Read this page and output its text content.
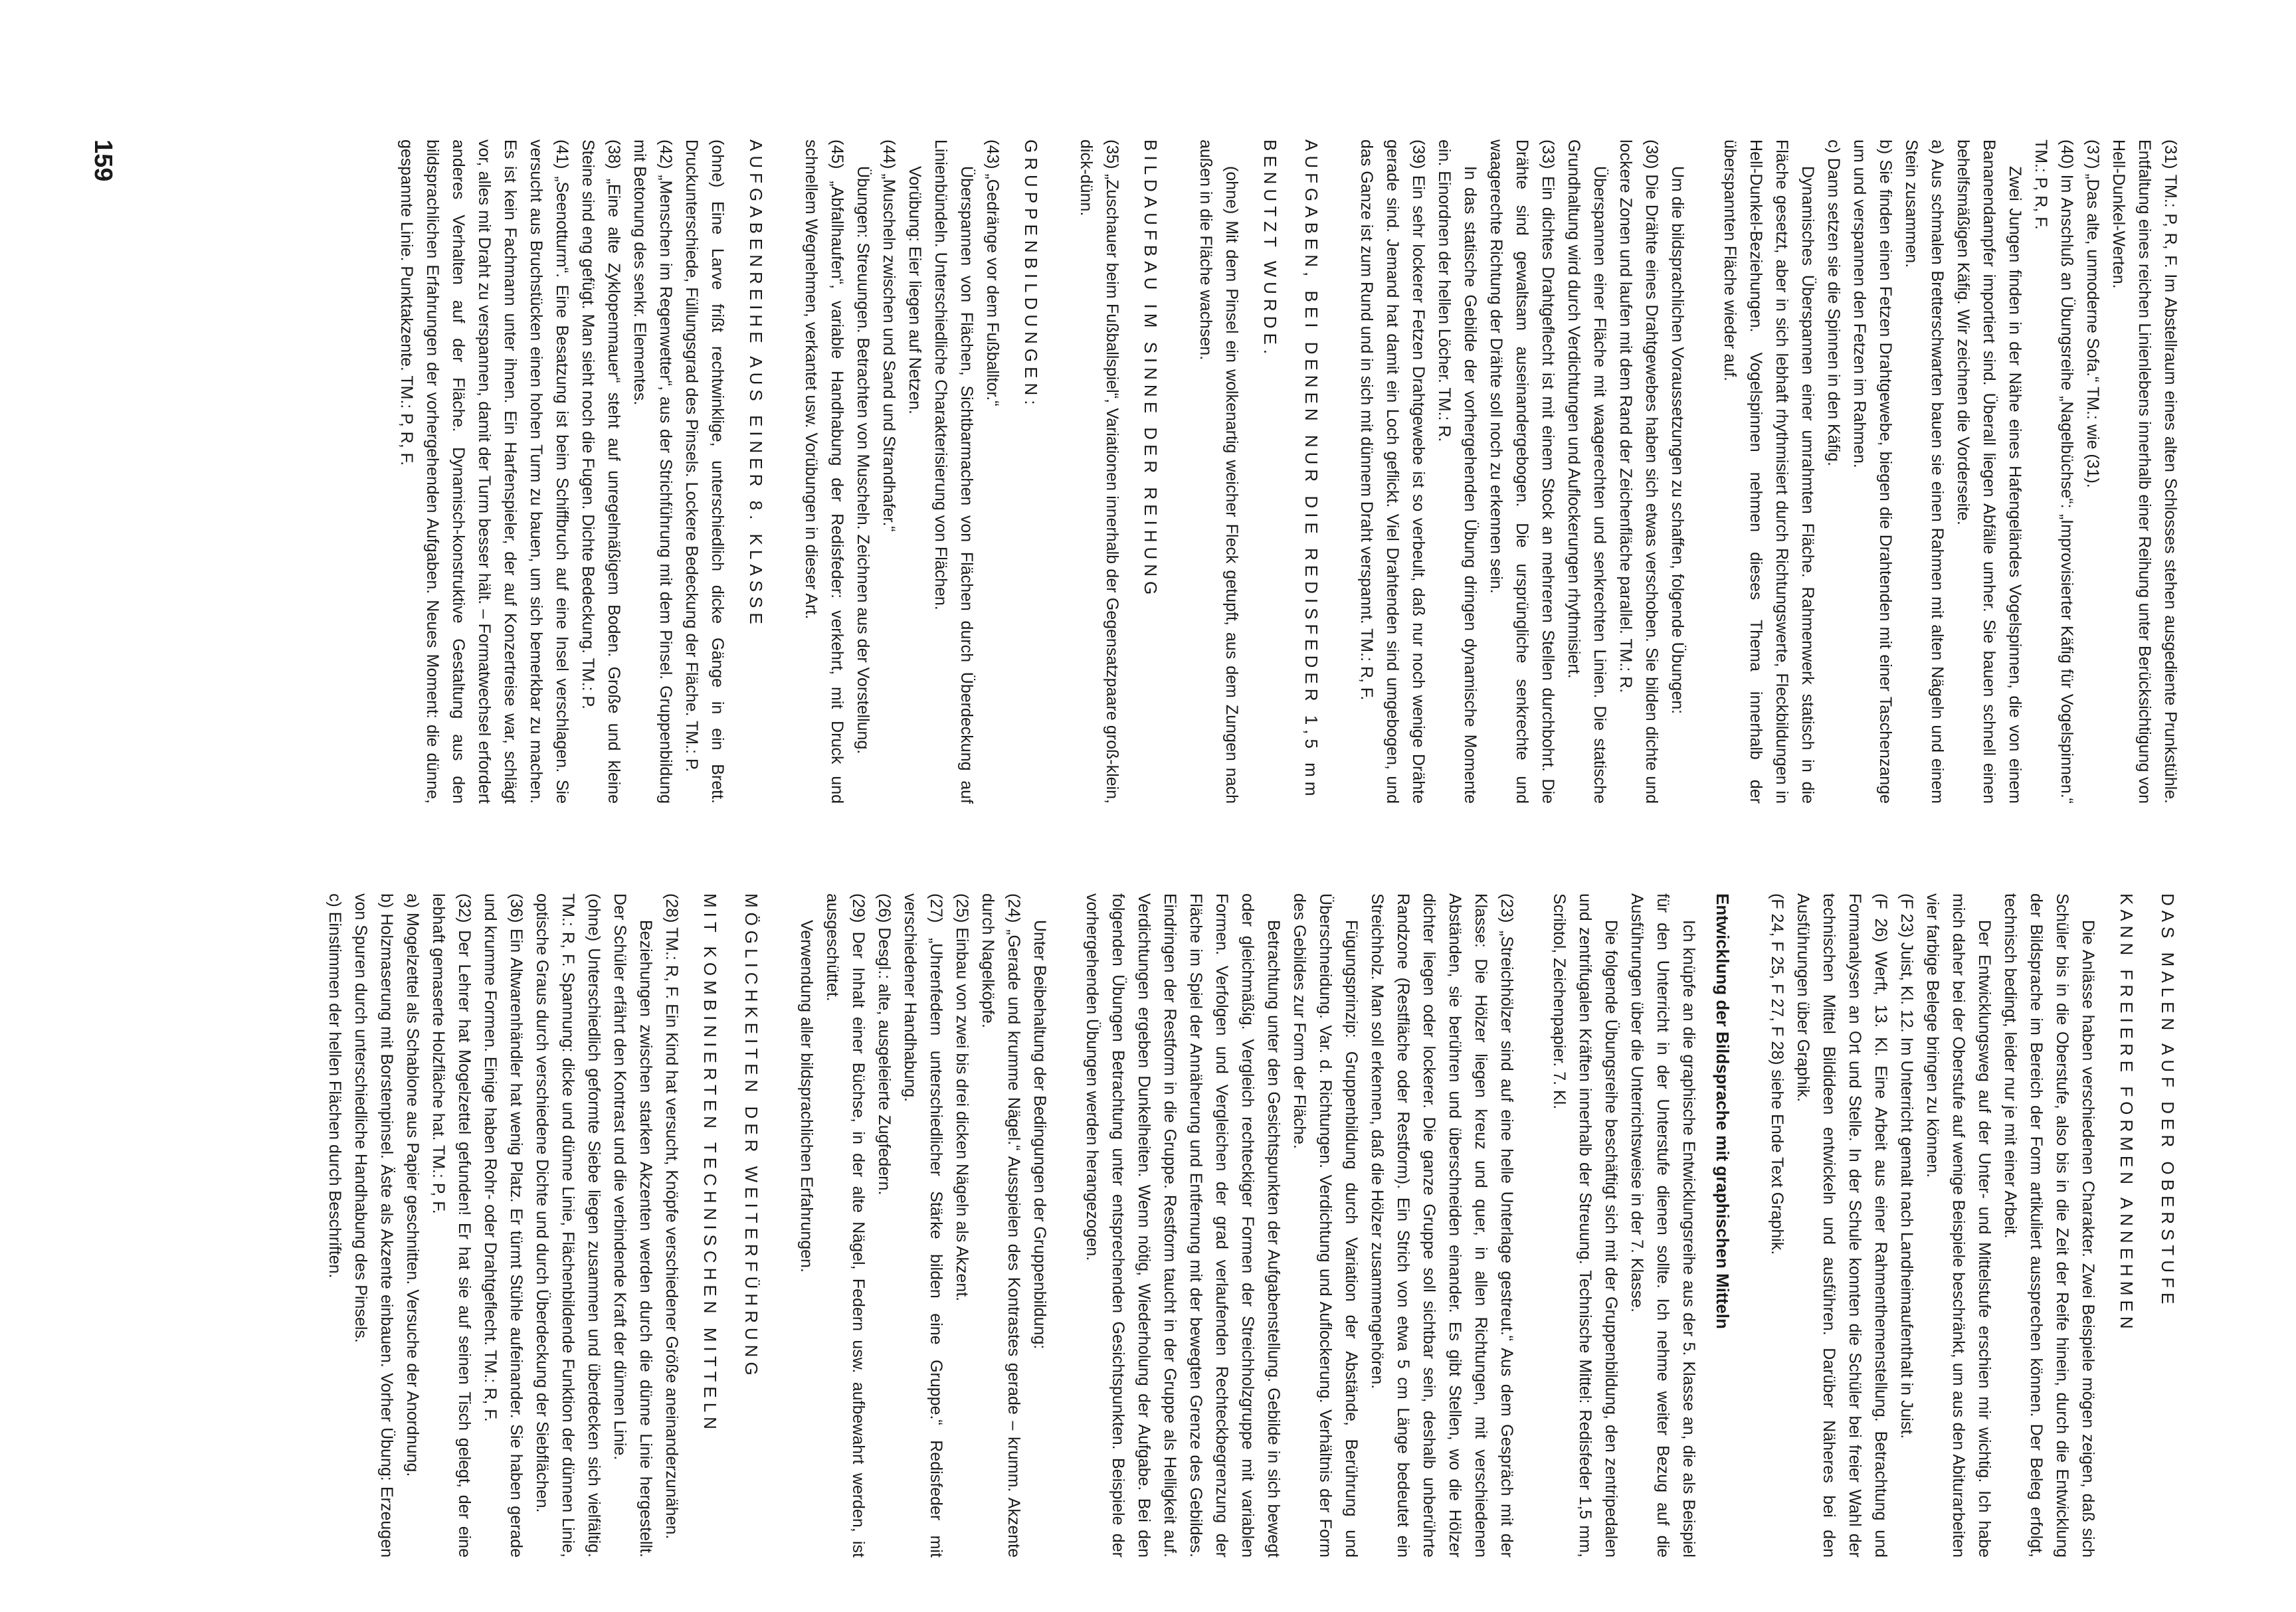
DAS MALEN AUF DER OBERSTUFE
KANN FREIERE FORMEN ANNEHMEN

Die Anlässe haben verschiedenen Charakter. Zwei Beispiele mögen zeigen, daß sich Schüler bis in die Oberstufe, also bis in die Zeit der Reife hinein, durch die Entwicklung der Bildsprache im Bereich der Form artikuliert aussprechen können. Der Beleg erfolgt, technisch bedingt, leider nur je mit einer Arbeit.

Der Entwicklungsweg auf der Unter- und Mittelstufe erschien mir wichtig. Ich habe mich daher bei der Oberstufe auf wenige Beispiele beschränkt, um aus den Abiturarbeiten vier farbige Belege bringen zu können.

(F 23) Juist, Kl. 12. Im Unterricht gemalt nach Landheimaufenthalt in Juist.

(F 26) Werft, 13. Kl. Eine Arbeit aus einer Rahmenthemenstellung. Betrachtung und Formanalysen an Ort und Stelle. In der Schule konnten die Schüler bei freier Wahl der technischen Mittel Bildideen entwickeln und ausführen. Darüber Näheres bei den Ausführungen über Graphik.

(F 24, F 25, F 27, F 28) siehe Ende Text Graphik.

Entwicklung der Bildsprache mit graphischen Mitteln

Ich knüpfe an die graphische Entwicklungsreihe aus der 5. Klasse an, die als Beispiel für den Unterricht in der Unterstufe dienen sollte. Ich nehme weiter Bezug auf die Ausführungen über die Unterrichtsweise in der 7. Klasse.

Die folgende Übungsreihe beschäftigt sich mit der Gruppenbildung, den zentripedalen und zentrifugalen Kräften innerhalb der Streuung. Technische Mittel: Redisfeder 1,5 mm, Scribtol, Zeichenpapier. 7. Kl.

(23) „Streichhölzer sind auf eine helle Unterlage gestreut.“ Aus dem Gespräch mit der Klasse: Die Hölzer liegen kreuz und quer, in allen Richtungen, mit verschiedenen Abständen, sie berühren und überschneiden einander. Es gibt Stellen, wo die Hölzer dichter liegen oder lockerer. Die ganze Gruppe soll sichtbar sein, deshalb unberührte Randzone (Restfläche oder Restform). Ein Strich von etwa 5 cm Länge bedeutet ein Streichholz. Man soll erkennen, daß die Hölzer zusammengehören.

Fügungsprinzip: Gruppenbildung durch Variation der Abstände, Berührung und Überschneidung. Var. d. Richtungen. Verdichtung und Auflockerung. Verhältnis der Form des Gebildes zur Form der Fläche.

Betrachtung unter den Gesichtspunkten der Aufgabenstellung. Gebilde in sich bewegt oder gleichmäßig. Vergleich rechteckiger Formen der Streichholzgruppe mit variablen Formen. Verfolgen und Vergleichen der grad verlaufenden Rechteckbegrenzung der Fläche im Spiel der Annäherung und Entfernung mit der bewegten Grenze des Gebildes. Eindringen der Restform in die Gruppe. Restform taucht in der Gruppe als Helligkeit auf. Verdichtungen ergeben Dunkelheiten. Wenn nötig, Wiederholung der Aufgabe. Bei den folgenden Übungen Betrachtung unter entsprechenden Gesichtspunkten. Beispiele der vorhergehenden Übungen werden herangezogen.

Unter Beibehaltung der Bedingungen der Gruppenbildung:

(24) „Gerade und krumme Nägel.“ Ausspielen des Kontrastes gerade – krumm. Akzente durch Nagelköpfe.

(25) Einbau von zwei bis drei dicken Nägeln als Akzent.

(27) „Uhrenfedern unterschiedlicher Stärke bilden eine Gruppe.“ Redisfeder mit verschiedener Handhabung.

(26) Desgl.: alte, ausgeleierte Zugfedern.

(29) Der Inhalt einer Büchse, in der alte Nägel, Federn usw. aufbewahrt werden, ist ausgeschüttet.

Verwendung aller bildsprachlichen Erfahrungen.

MÖGLICHKEITEN DER WEITERFÜHRUNG
MIT KOMBINIERTEN TECHNISCHEN MITTELN

(28) TM.: R, F. Ein Kind hat versucht, Knöpfe verschiedener Größe aneinanderzunähen.

Beziehungen zwischen starken Akzenten werden durch die dünne Linie hergestellt. Der Schüler erfährt den Kontrast und die verbindende Kraft der dünnen Linie.

(ohne) Unterschiedlich geformte Siebe liegen zusammen und überdecken sich vielfältig. TM.: R, F. Spannung: dicke und dünne Linie, Flächenbildende Funktion der dünnen Linie, optische Graus durch verschiedene Dichte und durch Überdeckung der Siebflächen.

(36) Ein Altwarenhändler hat wenig Platz. Er türmt Stühle aufeinander. Sie haben gerade und krumme Formen. Einige haben Rohr- oder Drahtgeflecht. TM.: R, F.

(32) Der Lehrer hat Mogelzettel gefunden! Er hat sie auf seinen Tisch gelegt, der eine lebhaft gemaserte Holzfläche hat. TM.: P, F.

a) Mogelzettel als Schablone aus Papier geschnitten. Versuche der Anordnung.

b) Holzmaserung mit Borstenpinsel. Äste als Akzente einbauen. Vorher Übung: Erzeugen von Spuren durch unterschiedliche Handhabung des Pinsels.

c) Einstimmen der hellen Flächen durch Beschriften.

(31) TM.: P, R, F. Im Abstellraum eines alten Schlosses stehen ausgediente Prunkstühle. Entfaltung eines reichen Linienlebens innerhalb einer Reihung unter Berücksichtigung von Hell-Dunkel-Werten.

(37) „Das alte, unmoderne Sofa.“ TM.: wie (31).

(40) Im Anschluß an Übungsreihe „Nagelbüchse“: „Improvisierter Käfig für Vogelspinnen.“ TM.: P, R, F.

Zwei Jungen finden in der Nähe eines Hafengeländes Vogelspinnen, die von einem Bananendampfer importiert sind. Überall liegen Abfälle umher. Sie bauen schnell einen behelfsmäßigen Käfig. Wir zeichnen die Vorderseite.

a) Aus schmalen Bretterschwarten bauen sie einen Rahmen mit alten Nägeln und einem Stein zusammen.

b) Sie finden einen Fetzen Drahtgewebe, biegen die Drahtenden mit einer Taschenzange um und verspannen den Fetzen im Rahmen.

c) Dann setzen sie die Spinnen in den Käfig.

Dynamisches Überspannen einer umrahmten Fläche. Rahmenwerk statisch in die Fläche gesetzt, aber in sich lebhaft rhythmisiert durch Richtungswerte, Fleckbildungen in Hell-Dunkel-Beziehungen. Vogelspinnen nehmen dieses Thema innerhalb der überspannten Fläche wieder auf.

Um die bildsprachlichen Voraussetzungen zu schaffen, folgende Übungen:

(30) Die Drähte eines Drahtgewebes haben sich etwas verschoben. Sie bilden dichte und lockere Zonen und laufen mit dem Rand der Zeichenfläche parallel. TM.: R.

Überspannen einer Fläche mit waagerechten und senkrechten Linien. Die statische Grundhaltung wird durch Verdichtungen und Auflockerungen rhythmisiert.

(33) Ein dichtes Drahtgeflecht ist mit einem Stock an mehreren Stellen durchbohrt. Die Drähte sind gewaltsam auseinandergebogen. Die ursprüngliche senkrechte und waagerechte Richtung der Drähte soll noch zu erkennen sein.

In das statische Gebilde der vorhergehenden Übung dringen dynamische Momente ein. Einordnen der hellen Löcher. TM.: R.

(39) Ein sehr lockerer Fetzen Drahtgewebe ist so verbeult, daß nur noch wenige Drähte gerade sind. Jemand hat damit ein Loch geflickt. Viel Drahtenden sind umgebogen, und das Ganze ist zum Rund und in sich mit dünnem Draht verspannt. TM.: R, F.

AUFGABEN, BEI DENEN NUR DIE REDISFEDER 1,5 mm
BENUTZT WURDE.

(ohne) Mit dem Pinsel ein wolkenartig weicher Fleck getupft, aus dem Zungen nach außen in die Fläche wachsen.

BILDAUFBAU IM SINNE DER REIHUNG

(35) „Zuschauer beim Fußballspiel“, Variationen innerhalb der Gegensatzpaare groß-klein, dick-dünn.

GRUPPENBILDUNGEN:

(43) „Gedränge vor dem Fußballtor.“

Überspannen von Flächen, Sichtbarmachen von Flächen durch Überdeckung auf Linienbündeln. Unterschiedliche Charakterisierung von Flächen.

Vorübung: Eier liegen auf Netzen.

(44) „Muscheln zwischen und Sand und Strandhafer.“

Übungen: Streuungen. Betrachten von Muscheln. Zeichnen aus der Vorstellung.

(45) „Abfallhaufen“, variable Handhabung der Redisfeder: verkehrt, mit Druck und schnellem Wegnehmen, verkantet usw. Vorübungen in dieser Art.

AUFGABENREIHE AUS EINER 8. KLASSE

(ohne) Eine Larve frißt rechtwinklige, unterschiedlich dicke Gänge in ein Brett. Druckunterschiede, Füllungsgrad des Pinsels. Lockere Bedeckung der Fläche. TM.: P.

(42) „Menschen im Regenwetter“, aus der Strichführung mit dem Pinsel. Gruppenbildung mit Betonung des senkr. Elementes.

(38) „Eine alte Zyklopenmauer“ steht auf unregelmäßigem Boden. Große und kleine Steine sind eng gefügt. Man sieht noch die Fugen. Dichte Bedeckung. TM.: P.

(41) „Seenotturm“. Eine Besatzung ist beim Schiffbruch auf eine Insel verschlagen. Sie versucht aus Bruchstücken einen hohen Turm zu bauen, um sich bemerkbar zu machen. Es ist kein Fachmann unter ihnen. Ein Harfenspieler, der auf Konzertreise war, schlägt vor, alles mit Draht zu verspannen, damit der Turm besser hält. – Formatwechsel erfordert anderes Verhalten auf der Fläche. Dynamisch-konstruktive Gestaltung aus den bildsprachlichen Erfahrungen der vorhergehenden Aufgaben. Neues Moment: die dünne, gespannte Linie. Punktakzente. TM.: P, R, F.

159
